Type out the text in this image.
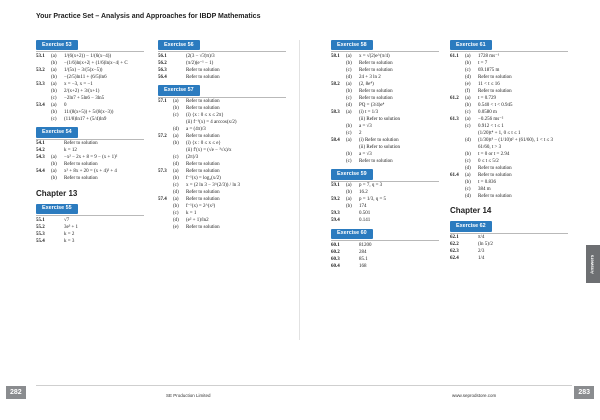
Your Practice Set – Analysis and Approaches for IBDP Mathematics
Exercise 53
53.1	(a)	1/(6(x+2)) − 1/(6(x−4))
(b)	−(1/6)ln|x+2| + (1/6)ln|x−4| + C
53.2	(a)	1/(5x) − 3/(5(x−5))
(b)	−(2/5)ln11 + (6/5)ln6
53.3	(a)	x = −3, x = −1
(b)	2/(x+2) + 3/(x+1)
(c)	−2ln7 + 5ln6 − 3ln5
53.4	(a)	0
(b)	11/(8(x+5)) + 5/(8(x−3))
(c)	(11/8)ln17 + (5/4)ln9
Exercise 54
54.1	Refer to solution
54.2	k = 12
54.3	(a)	−x² − 2x + 8 = 9 − (x + 1)²
(b)	Refer to solution
54.4	(a)	x² + 8x + 20 = (x + 4)² + 4
(b)	Refer to solution
Chapter 13
Exercise 55
55.1	√7
55.2	3e³ + 1
55.3	k = 2
55.4	k = 3
Exercise 56
56.1	(2(3 − √3)π)/3
56.2	(π/2)(e⁻¹ − 1)
56.3	Refer to solution
56.4	Refer to solution
Exercise 57
57.1	(a)	Refer to solution
(b)	Refer to solution
(c)	(i) {x : 0 ≤ x ≤ 2π}
(ii) f⁻¹(x) = 4 arccos(x/2)
(d)	a = (4π)/3
57.2	(a)	Refer to solution
(b)	(i) {x : 0 ≤ x ≤ e}
(ii) f′(x) = (√e − ³√x)/x
(c)	(2π)/3
(d)	Refer to solution
57.3	(a)	Refer to solution
(b)	f⁻¹(x) = log₂(x/2)
(c)	x = (2 ln 3 − 3^(2/3)) / ln 3
(d)	Refer to solution
57.4	(a)	Refer to solution
(b)	f⁻¹(x) = 2^(x²)
(c)	k = 1
(d)	(e² + 1)/ln2
(e)	Refer to solution
Exercise 58
58.1	(a)	x = √(2)e^(π/4)
(b)	Refer to solution
(c)	Refer to solution
(d)	24 + 3 ln 2
58.2	(a)	(2, 8e⁴)
(b)	Refer to solution
(c)	Refer to solution
(d)	PQ = (3/4)e⁴
58.3	(a)	(i) t = 1/3
(ii) Refer to solution
(b)	a = √3
(c)	2
58.4	(a)	(i) Refer to solution
(ii) Refer to solution
(b)	a = √3
(c)	Refer to solution
Exercise 59
59.1	(a)	p = 7, q = 3
(b)	16.2
59.2	(a)	p = 1/3, q = 5
(b)	174
59.3	0.501
59.4	0.141
Exercise 60
60.1	81200
60.2	284
60.3	85.1
60.4	168
Exercise 61
61.1	(a)	1728 ms⁻¹
(b)	t = 7
(c)	69.1875 m
(d)	Refer to solution
(e)	11 < t ≤ 16
(f)	Refer to solution
61.2	(a)	t = 0.729
(b)	0.540 < t < 0.945
(c)	0.0580 m
61.3	(a)	−0.256 ms⁻²
(c)	0.912 < t ≤ 1
(1/20)t⁴ + 1, 0 ≤ t ≤ 1
(d)	(1/30)t³ − (1/10)t² + (61/60), 1 < t ≤ 3
61/60, t > 3
(b)	t = 0 or t = 2.94
(c)	0 ≤ t ≤ 5/2
(d)	Refer to solution
61.4	(a)	Refer to solution
(b)	t = 0.836
(c)	384 m
(d)	Refer to solution
Chapter 14
Exercise 62
62.1	π/4
62.2	(ln 5)/2
62.3	2/3
62.4	1/4	Answers
282	283
SE Production Limited	www.seprodstore.com
